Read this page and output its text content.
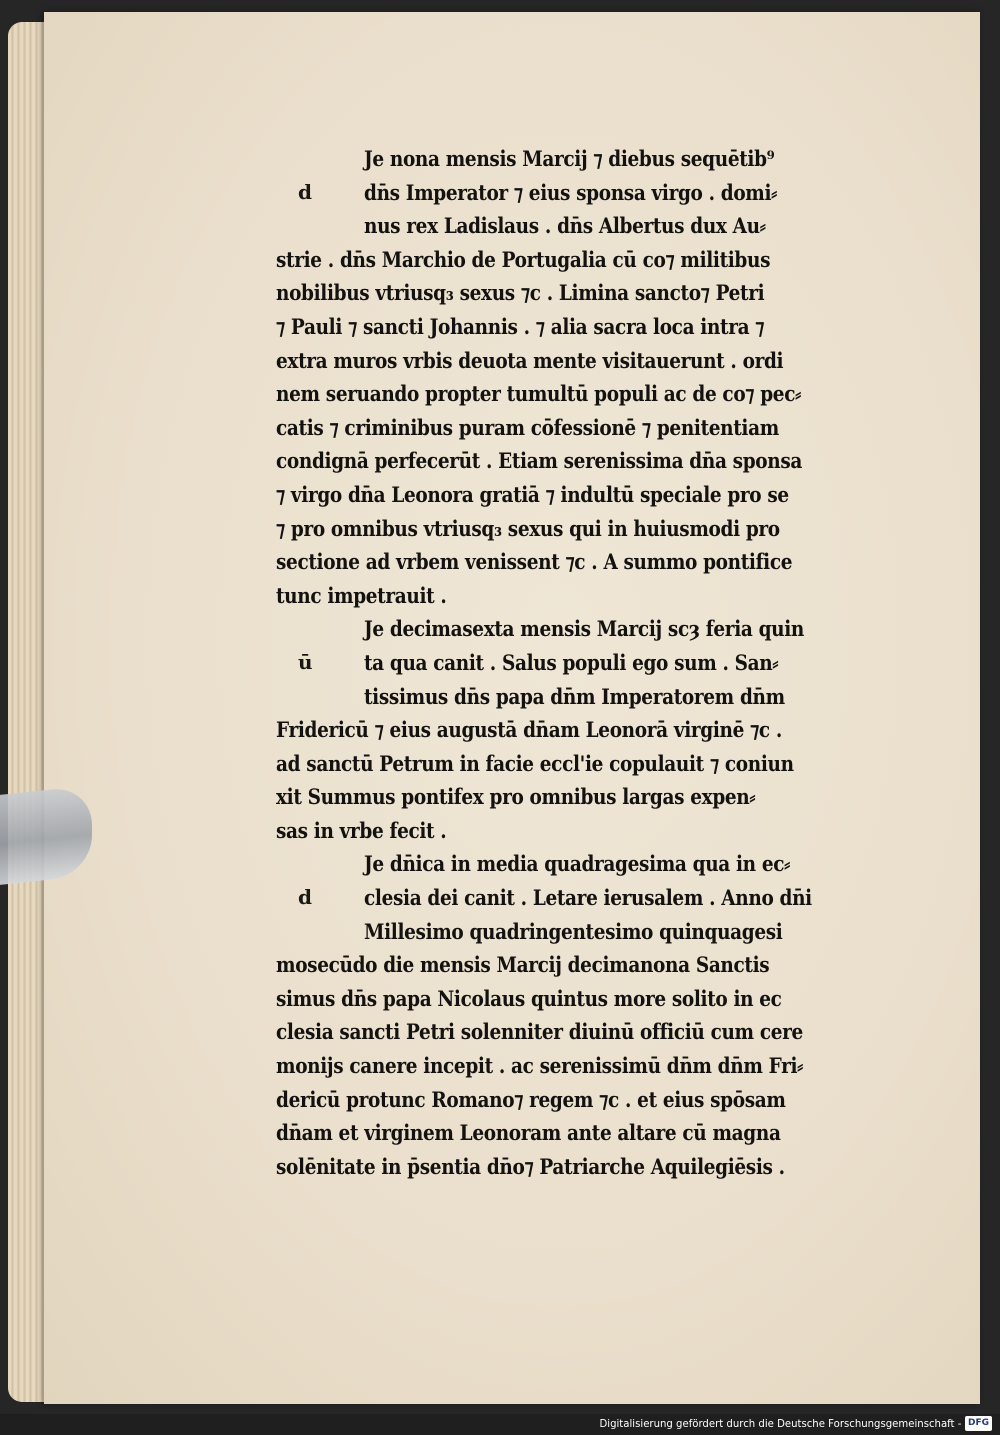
d
Je nona mensis Marcij ⁊ diebus sequētib⁹
dn̄s Imperator ⁊ eius sponsa virgo . domi⸗
nus rex Ladislaus . dn̄s Albertus dux Au⸗
strie . dn̄s Marchio de Portugalia cū co⁊ militibus
nobilibus vtriusq₃ sexus ⁊c . Limina sancto⁊ Petri
⁊ Pauli ⁊ sancti Johannis . ⁊ alia sacra loca intra ⁊
extra muros vrbis deuota mente visitauerunt . ordi
nem seruando propter tumultū populi ac de co⁊ pec⸗
catis ⁊ criminibus puram cōfessionē ⁊ penitentiam
condignā perfecerūt . Etiam serenissima dn̄a sponsa
⁊ virgo dn̄a Leonora gratiā ⁊ indultū speciale pro se
⁊ pro omnibus vtriusq₃ sexus qui in huiusmodi pro
sectione ad vrbem venissent ⁊c . A summo pontifice
tunc impetrauit .
ū
Je decimasexta mensis Marcij scȝ feria quin
ta qua canit . Salus populi ego sum . San⸗
tissimus dn̄s papa dn̄m Imperatorem dn̄m
Fridericū ⁊ eius augustā dn̄am Leonorā virginē ⁊c .
ad sanctū Petrum in facie eccl'ie copulauit ⁊ coniun
xit Summus pontifex pro omnibus largas expen⸗
sas in vrbe fecit .
d
Je dn̄ica in media quadragesima qua in ec⸗
clesia dei canit . Letare ierusalem . Anno dn̄i
Millesimo quadringentesimo quinquagesi
mosecūdo die mensis Marcij decimanona Sanctis
simus dn̄s papa Nicolaus quintus more solito in ec
clesia sancti Petri solenniter diuinū officiū cum cere
monijs canere incepit . ac serenissimū dn̄m dn̄m Fri⸗
dericū protunc Romano⁊ regem ⁊c . et eius spōsam
dn̄am et virginem Leonoram ante altare cū magna
solēnitate in p̄sentia dn̄o⁊ Patriarche Aquilegiēsis .
Digitalisierung gefördert durch die Deutsche Forschungsgemeinschaft - DFG
